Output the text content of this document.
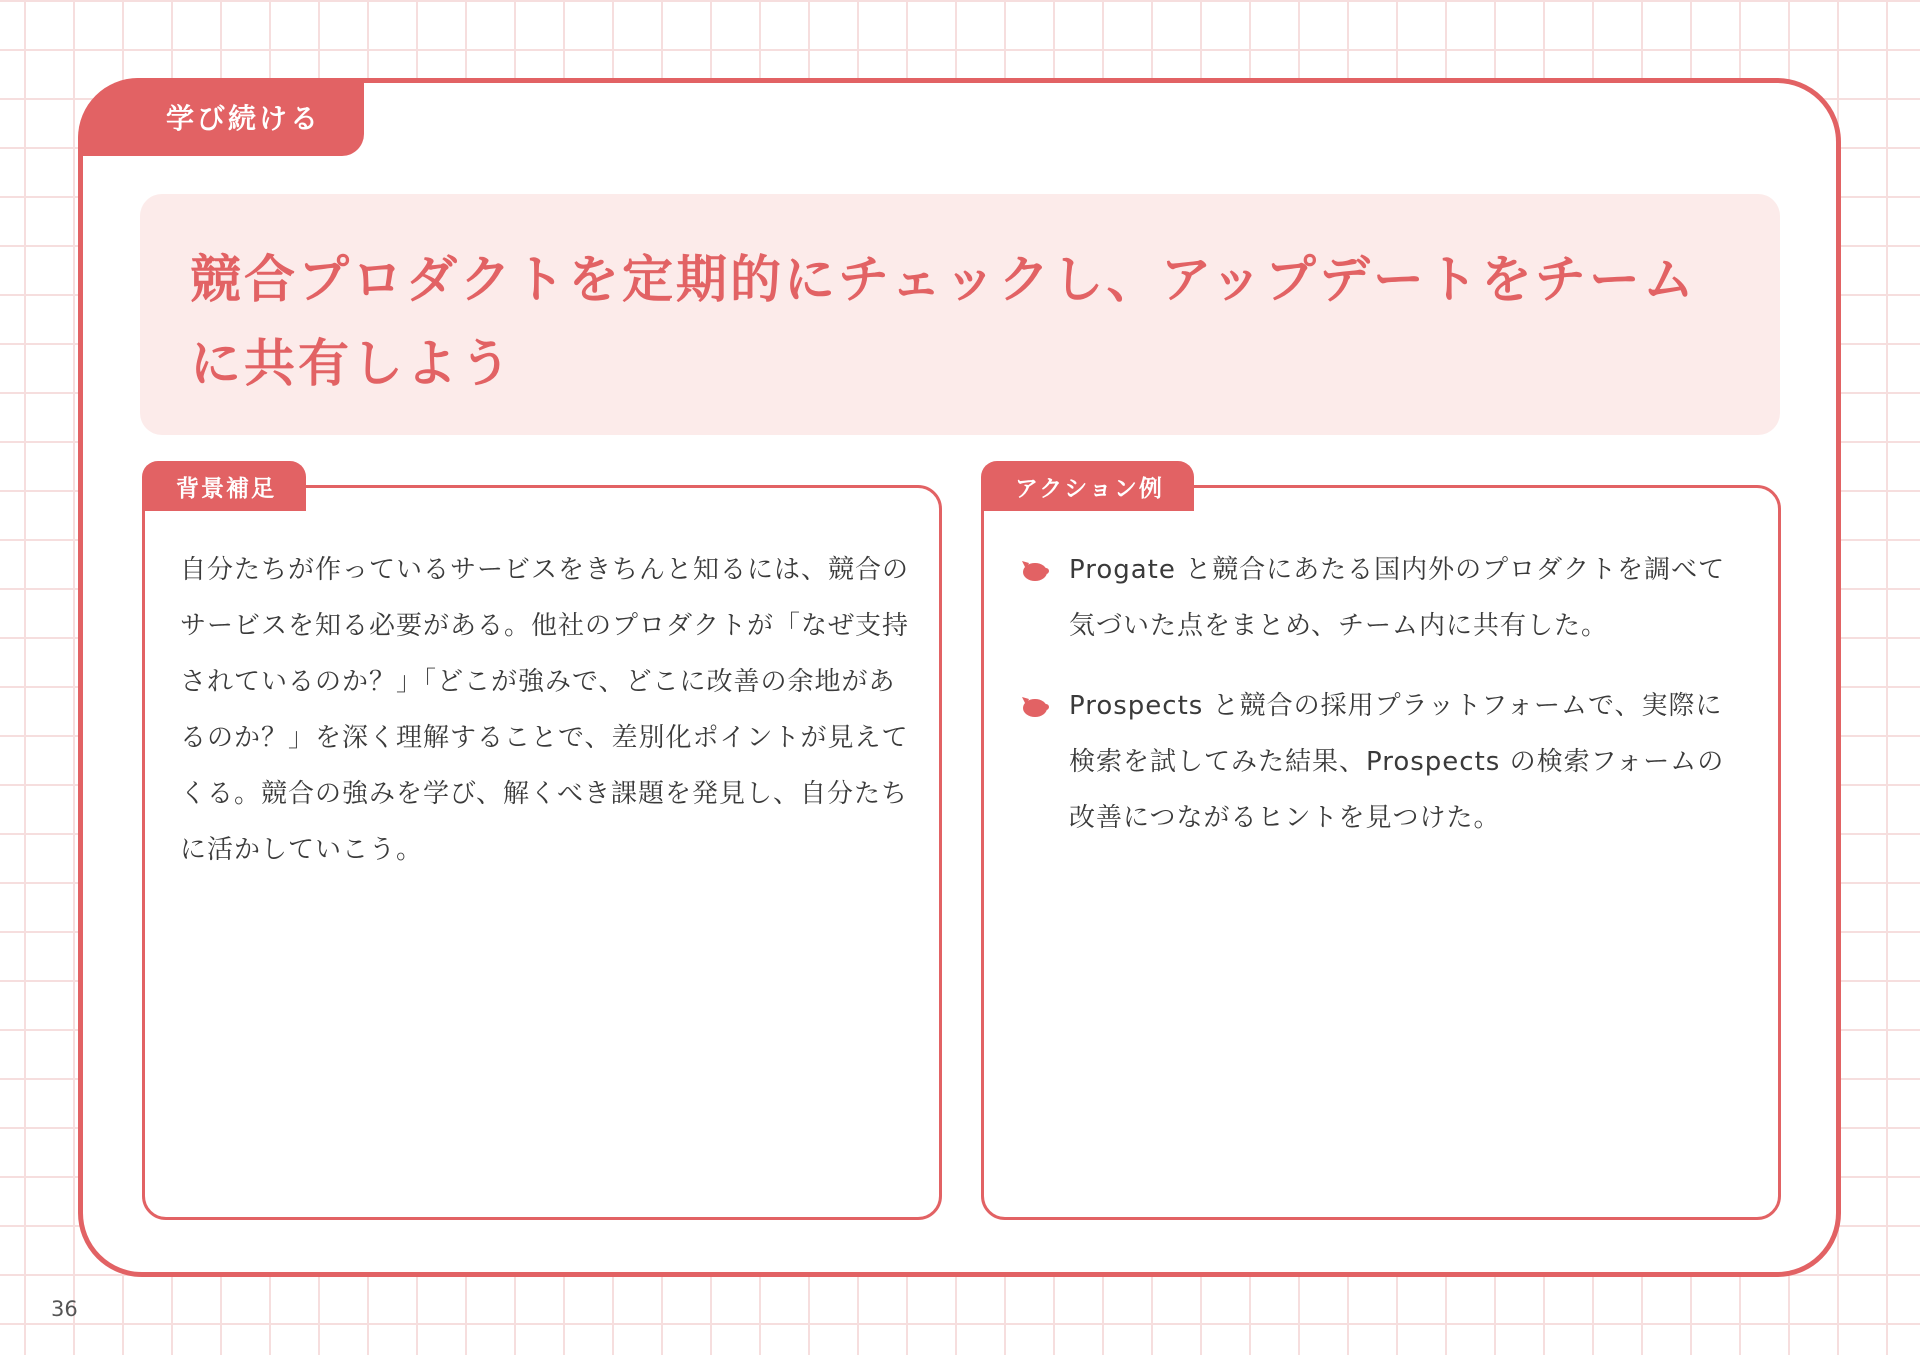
学び続ける
競合プロダクトを定期的にチェックし、アップデートをチームに共有しよう
背景補足
自分たちが作っているサービスをきちんと知るには、競合のサービスを知る必要がある。他社のプロダクトが「なぜ支持されているのか？」「どこが強みで、どこに改善の余地があるのか？」を深く理解することで、差別化ポイントが見えてくる。競合の強みを学び、解くべき課題を発見し、自分たちに活かしていこう。
アクション例
Progate と競合にあたる国内外のプロダクトを調べて気づいた点をまとめ、チーム内に共有した。
Prospects と競合の採用プラットフォームで、実際に検索を試してみた結果、Prospects の検索フォームの改善につながるヒントを見つけた。
36
